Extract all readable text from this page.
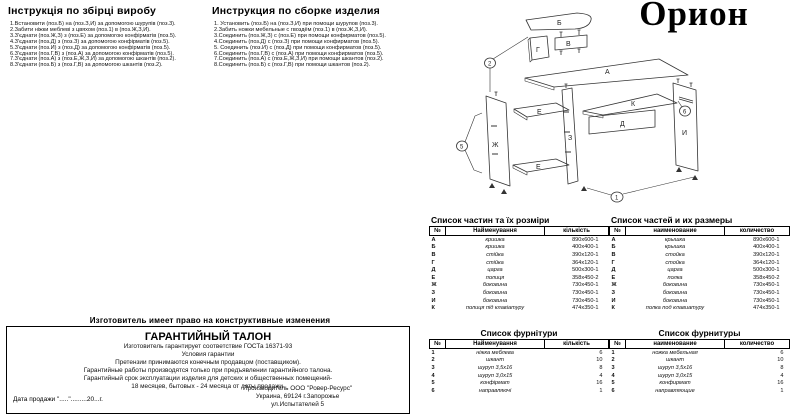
Інструкція по збірці виробу
1.Встановити (поз.Б) на (поз.З,И) за допомогою шурупів (поз.3).
2.Забити ніжки меблеві з цвяхом (поз.1) в (поз.Ж,З,И).
3.З'єднати (поз.Ж,З) з (поз.Е) за допомогою конфірматів (поз.5).
4.З'єднати (поз.Д) з (поз.З) за допомогою конфірматів (поз.5).
5.З'єднати (поз.И) з (поз.Д) за допомогою конфірматів (поз.5).
6.З'єднати (поз.Г,В) з (поз.А) за допомогою конфірматів (поз.5).
7.З'єднати (поз.А) з (поз.Е,Ж,З,И) за допомогою шкантів (поз.2).
8.З'єднати (поз.Б) з (поз.Г,В) за допомогою шкантів (поз.2).
Инструкция по сборке изделия
1. Установить (поз.Б) на (поз.З,И) при помощи шурупов (поз.3).
2.Забить ножки мебельные с гвоздём (поз.1) в (поз.Ж,З,И).
3.Соединить (поз.Ж,З) с (поз.Е) при помощи конфирматов (поз.5).
4.Соединить (поз.Д) с (поз.З) при помощи конфирматов (поз.5).
5. Соединить (поз.И) с (поз.Д) при помощи конфирматов (поз.5).
6.Соединить (поз.Г,В) с (поз.А) при помощи конфирматов (поз.5).
7.Соединить (поз.А) с (поз.Е,Ж,З,И) при помощи шкантов (поз.2).
8.Соединить (поз.Б) с (поз.Г,В) при помощи шкантов (поз.2).
Орион
А
Б
В
Г
Д
Е
Е
Ж
З
И
К
2
5
6
1
Список частин та їх розміри
№	Найменування	кількість
А	кришка	890х600-1
Б	кришка	400х400-1
В	стійка	390х120-1
Г	стійка	364х120-1
Д	царга	500х300-1
Е	полиця	358х450-2
Ж	боковина	730х450-1
З	боковина	730х450-1
И	боковина	730х450-1
К	полиця під клавіатуру	474х350-1
Список частей и их размеры
№	наименование	количество
А	крышка	890х600-1
Б	крышка	400х400-1
В	стойка	390х120-1
Г	стойка	364х120-1
Д	царга	500х300-1
Е	полка	358х450-2
Ж	боковина	730х450-1
З	боковина	730х450-1
И	боковина	730х450-1
К	полка под клавиатуру	474х350-1
Изготовитель имеет право на конструктивные изменения
ГАРАНТИЙНЫЙ ТАЛОН
Изготовитель гарантирует соответствие ГОСТа 16371-93
Условия гарантии
Претензии принимаются конечным продавцом (поставщиком).
Гарантийные работы производятся только при предъявлении гарантийного талона.
Гарантийный срок эксплуатации изделия для детских и общественных помещений-
18 месяцев, бытовых - 24 месяца от даты продажи.
Дата продажи ".....".........20...г.
Производитель ООО "Ровер-Ресурс"
Украина, 69124 г.Запорожье
ул.Испытателей 5
Список фурнітури
№	Найменування	кількість
1	ніжка меблева	6
2	шкант	10
3	шуруп 3,5х16	8
4	шуруп 3,0х15	4
5	конфірмат	16
6	направляючі	1
Список фурнитуры
№	наименование	количество
1	ножка мебельная	6
2	шкант	10
3	шуруп 3,5х16	8
4	шуруп 3,0х15	4
5	конфирмат	16
6	направляющие	1
